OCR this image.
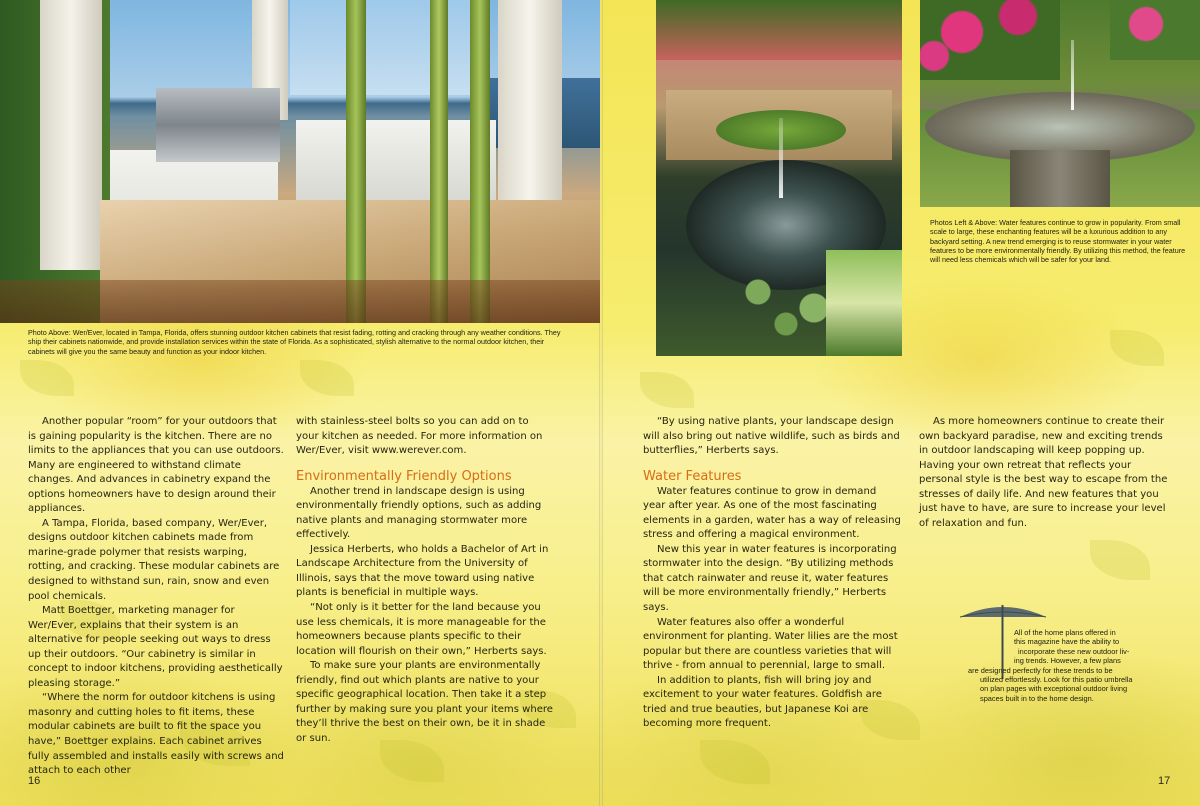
Photo Above: Wer/Ever, located in Tampa, Florida, offers stunning outdoor kitchen cabinets that resist fading, rotting and cracking through any weather conditions. They ship their cabinets nationwide, and provide installation services within the state of Florida. As a sophisticated, stylish alternative to the normal outdoor kitchen, their cabinets will give you the same beauty and function as your indoor kitchen.
Photos Left & Above: Water features continue to grow in popularity. From small scale to large, these enchanting features will be a luxurious addition to any backyard setting. A new trend emerging is to reuse stormwater in your water features to be more environmentally friendly. By utilizing this method, the feature will need less chemicals which will be safer for your land.

Another popular “room” for your outdoors that is gaining popularity is the kitchen. There are no limits to the appliances that you can use outdoors. Many are engineered to withstand climate changes. And advances in cabinetry expand the options homeowners have to design around their appliances.

A Tampa, Florida, based company, Wer/Ever, designs outdoor kitchen cabinets made from marine-grade polymer that resists warping, rotting, and cracking. These modular cabinets are designed to withstand sun, rain, snow and even pool chemicals.

Matt Boettger, marketing manager for Wer/Ever, explains that their system is an alternative for people seeking out ways to dress up their outdoors. “Our cabinetry is similar in concept to indoor kitchens, providing aesthetically pleasing storage.”

“Where the norm for outdoor kitchens is using masonry and cutting holes to fit items, these modular cabinets are built to fit the space you have,” Boettger explains. Each cabinet arrives fully assembled and installs easily with screws and attach to each other

with stainless-steel bolts so you can add on to your kitchen as needed. For more information on Wer/Ever, visit www.werever.com.

Environmentally Friendly Options

Another trend in landscape design is using environmentally friendly options, such as adding native plants and managing stormwater more effectively.

Jessica Herberts, who holds a Bachelor of Art in Landscape Architecture from the University of Illinois, says that the move toward using native plants is beneficial in multiple ways.

“Not only is it better for the land because you use less chemicals, it is more manageable for the homeowners because plants specific to their location will flourish on their own,” Herberts says.

To make sure your plants are environmentally friendly, find out which plants are native to your specific geographical location. Then take it a step further by making sure you plant your items where they’ll thrive the best on their own, be it in shade or sun.

“By using native plants, your landscape design will also bring out native wildlife, such as birds and butterflies,” Herberts says.

Water Features

Water features continue to grow in demand year after year. As one of the most fascinating elements in a garden, water has a way of releasing stress and offering a magical environment.

New this year in water features is incorporating stormwater into the design. “By utilizing methods that catch rainwater and reuse it, water features will be more environmentally friendly,” Herberts says.

Water features also offer a wonderful environment for planting. Water lilies are the most popular but there are countless varieties that will thrive - from annual to perennial, large to small.

In addition to plants, fish will bring joy and excitement to your water features. Goldfish are tried and true beauties, but Japanese Koi are becoming more frequent.

As more homeowners continue to create their own backyard paradise, new and exciting trends in outdoor landscaping will keep popping up. Having your own retreat that reflects your personal style is the best way to escape from the stresses of daily life. And new features that you just have to have, are sure to increase your level of relaxation and fun.

All of the home plans offered in
this magazine have the ability to
incorporate these new outdoor liv-
ing trends. However, a few plans
are designed perfectly for these trends to be
utilized effortlessly. Look for this patio umbrella
on plan pages with exceptional outdoor living
spaces built in to the home design.
16	17
